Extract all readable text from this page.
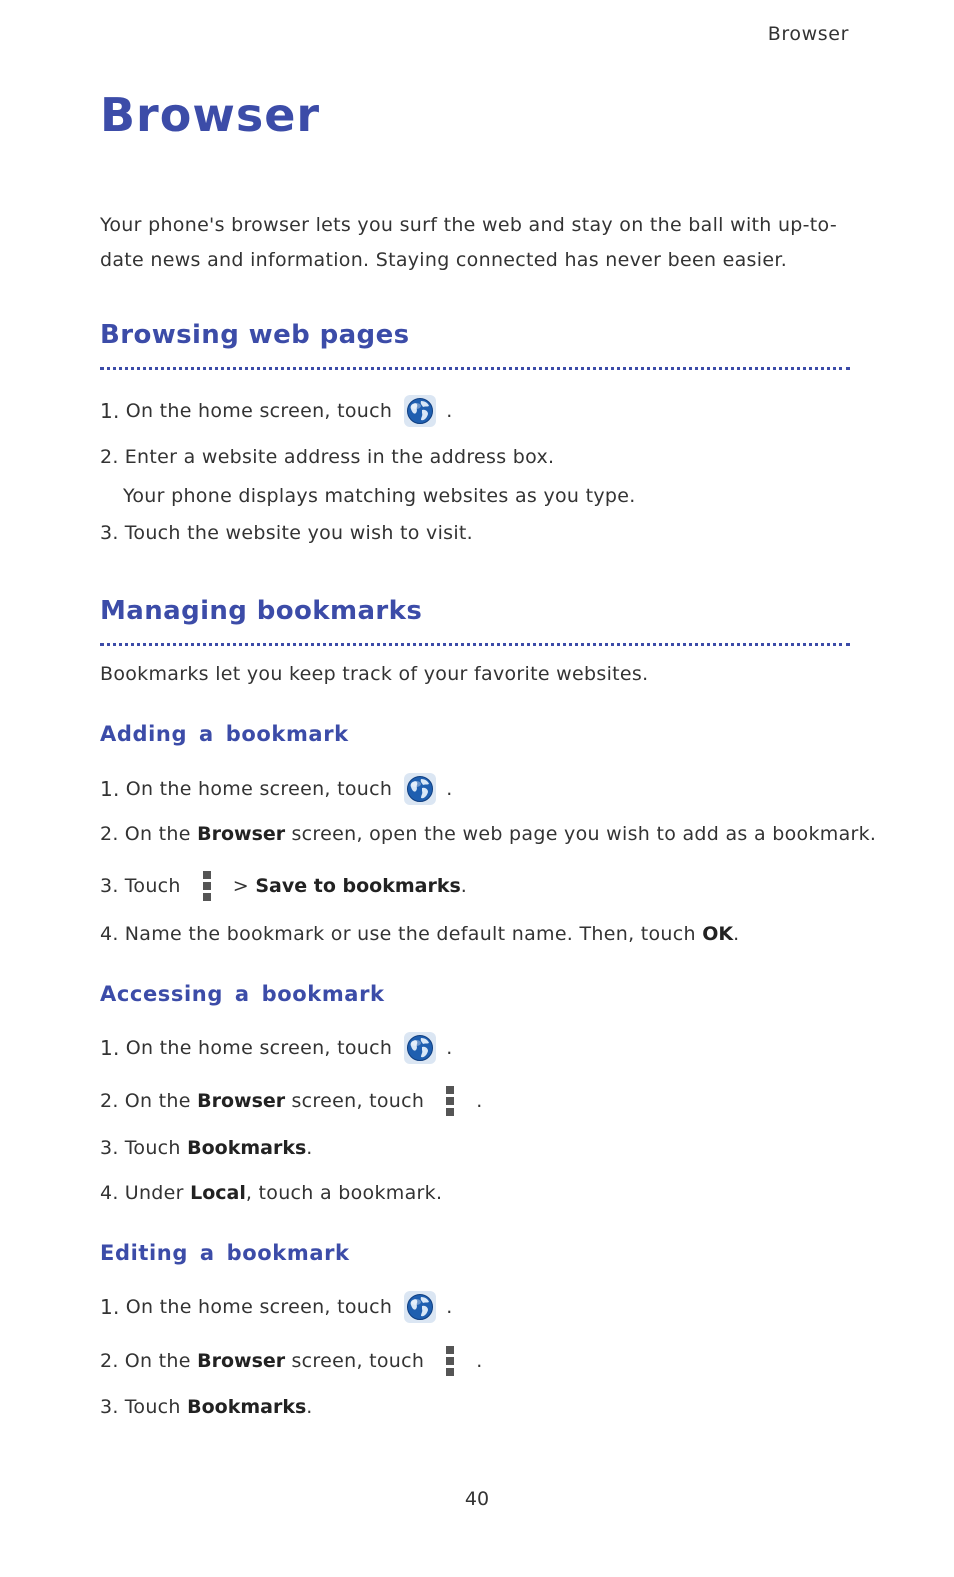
Browser
Browser
Your phone's browser lets you surf the web and stay on the ball with up-to-date news and information. Staying connected has never been easier.
Browsing web pages
1. On the home screen, touch	.
2. Enter a website address in the address box.
Your phone displays matching websites as you type.
3. Touch the website you wish to visit.
Managing bookmarks
Bookmarks let you keep track of your favorite websites.
Adding a bookmark
1. On the home screen, touch	.
2. On the
Browser
screen, open the web page you wish to add as a bookmark.
3. Touch	>
Save to bookmarks .
4. Name the bookmark or use the default name. Then, touch
OK .
Accessing a bookmark
1. On the home screen, touch	.
2. On the
Browser
screen, touch	.
3. Touch
Bookmarks .
4. Under
Local , touch a bookmark.
Editing a bookmark
1. On the home screen, touch	.
2. On the
Browser
screen, touch	.
3. Touch
Bookmarks .
40
